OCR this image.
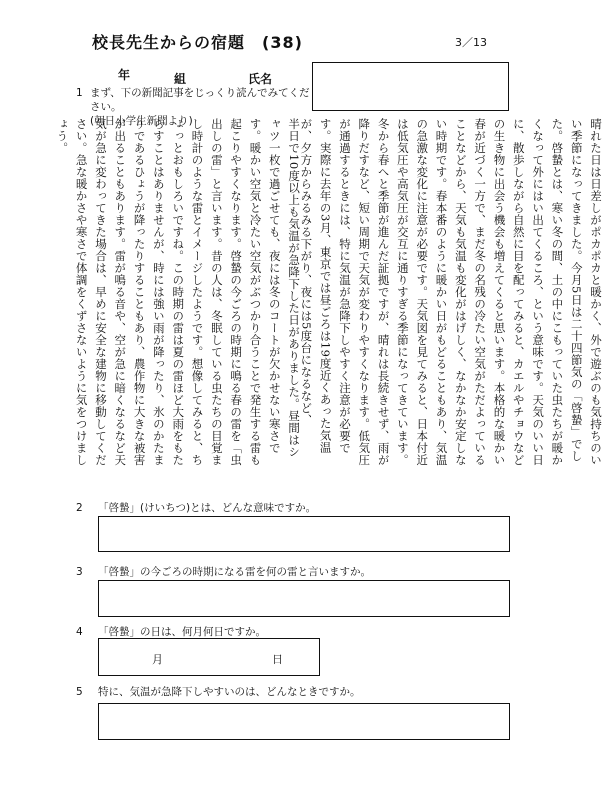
校長先生からの宿題　(38)	3／13
年	組	氏名
1 まず、下の新聞記事をじっくり読んでみてください。
(朝日小学生新聞より)	晴れた日は日差しがポカポカと暖かく、外で遊ぶのも気持ちのいい季節になってきました。今月5日は二十四節気の「啓蟄」でした。啓蟄とは、寒い冬の間、土の中にこもっていた虫たちが暖かくなって外にはい出てくるころ、という意味です。天気のいい日に、散歩しながら自然に目を配ってみると、カエルやチョウなどの生き物に出会う機会も増えてくると思います。本格的な暖かい春が近づく一方で、まだ冬の名残の冷たい空気がただよっていることなどから、天気も気温も変化がはげしく、なかなか安定しない時期です。春本番のように暖かい日がもどることもあり、気温の急激な変化に注意が必要です。天気図を見てみると、日本付近は低気圧や高気圧が交互に通りすぎる季節になってきています。冬から春へと季節が進んだ証拠ですが、晴れは長続きせず、雨が降りだすなど、短い周期で天気が変わりやすくなります。低気圧が通過するときには、特に気温が急降下しやすく注意が必要です。実際に去年の3月、東京では昼ごろは19度近くあった気温が、夕方からみるみる下がり、夜には5度台になるなど、

半日で10度以上も気温が急降下した日がありました。昼間はシャツ一枚で過ごせても、夜には冬のコートが欠かせない寒さです。暖かい空気と冷たい空気がぶつかり合うことで発生する雷も起こりやすくなります。啓蟄の今ごろの時期に鳴る春の雷を「虫出しの雷」と言います。昔の人は、冬眠している虫たちの目覚まし時計のような雷とイメージしたようです。想像してみると、ちょっとおもしろいですね。この時期の雷は夏の雷ほど大雨をもたらすことはありませんが、時には強い雨が降ったり、氷のかたまりであるひょうが降ったりすることもあり、農作物に大きな被害が出ることもあります。雷が鳴る音や、空が急に暗くなるなど天気が急に変わってきた場合は、早めに安全な建物に移動してください。急な暖かさや寒さで体調をくずさないように気をつけましょう。

2 「啓蟄」(けいちつ)とは、どんな意味ですか。
3 「啓蟄」の今ごろの時期になる雷を何の雷と言いますか。
4 「啓蟄」の日は、何月何日ですか。
月	日
5 特に、気温が急降下しやすいのは、どんなときですか。
